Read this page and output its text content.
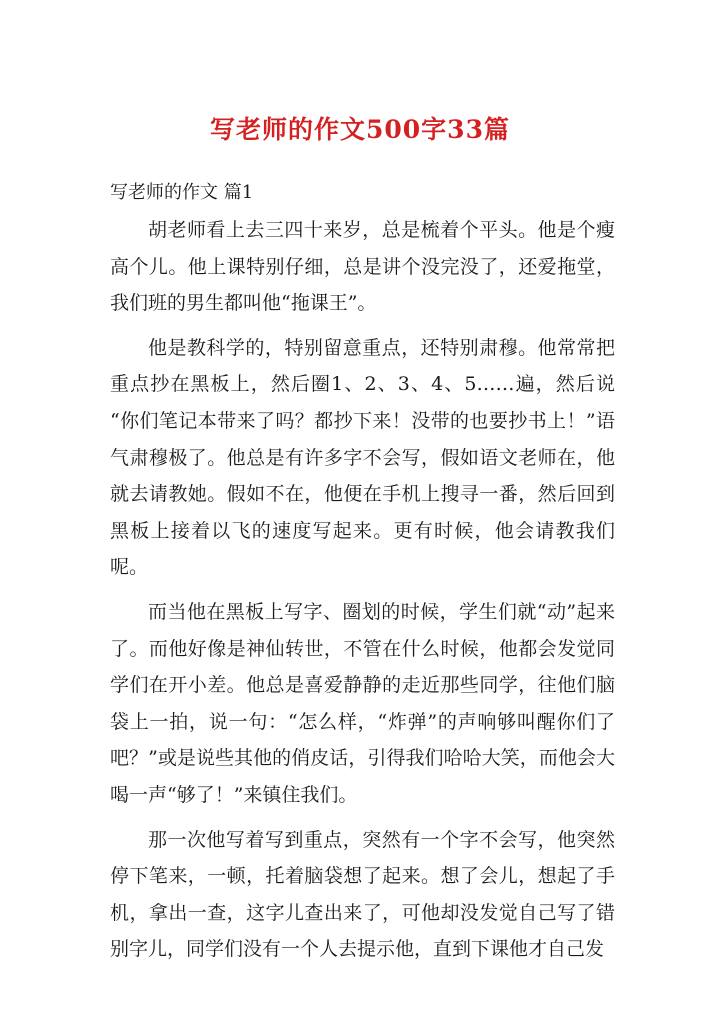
写老师的作文500字33篇
写老师的作文 篇1

胡老师看上去三四十来岁，总是梳着个平头。他是个瘦高个儿。他上课特别仔细，总是讲个没完没了，还爱拖堂，我们班的男生都叫他“拖课王”。

他是教科学的，特别留意重点，还特别肃穆。他常常把重点抄在黑板上，然后圈1、2、3、4、5……遍，然后说 “你们笔记本带来了吗？都抄下来！没带的也要抄书上！”语气肃穆极了。他总是有许多字不会写，假如语文老师在，他就去请教她。假如不在，他便在手机上搜寻一番，然后回到黑板上接着以飞的速度写起来。更有时候，他会请教我们呢。

而当他在黑板上写字、圈划的时候，学生们就“动”起来了。而他好像是神仙转世，不管在什么时候，他都会发觉同学们在开小差。他总是喜爱静静的走近那些同学，往他们脑袋上一拍，说一句：“怎么样，“炸弹”的声响够叫醒你们了吧？”或是说些其他的俏皮话，引得我们哈哈大笑，而他会大喝一声“够了！”来镇住我们。

那一次他写着写到重点，突然有一个字不会写，他突然停下笔来，一顿，托着脑袋想了起来。想了会儿，想起了手机，拿出一查，这字儿查出来了，可他却没发觉自己写了错别字儿，同学们没有一个人去提示他，直到下课他才自己发
